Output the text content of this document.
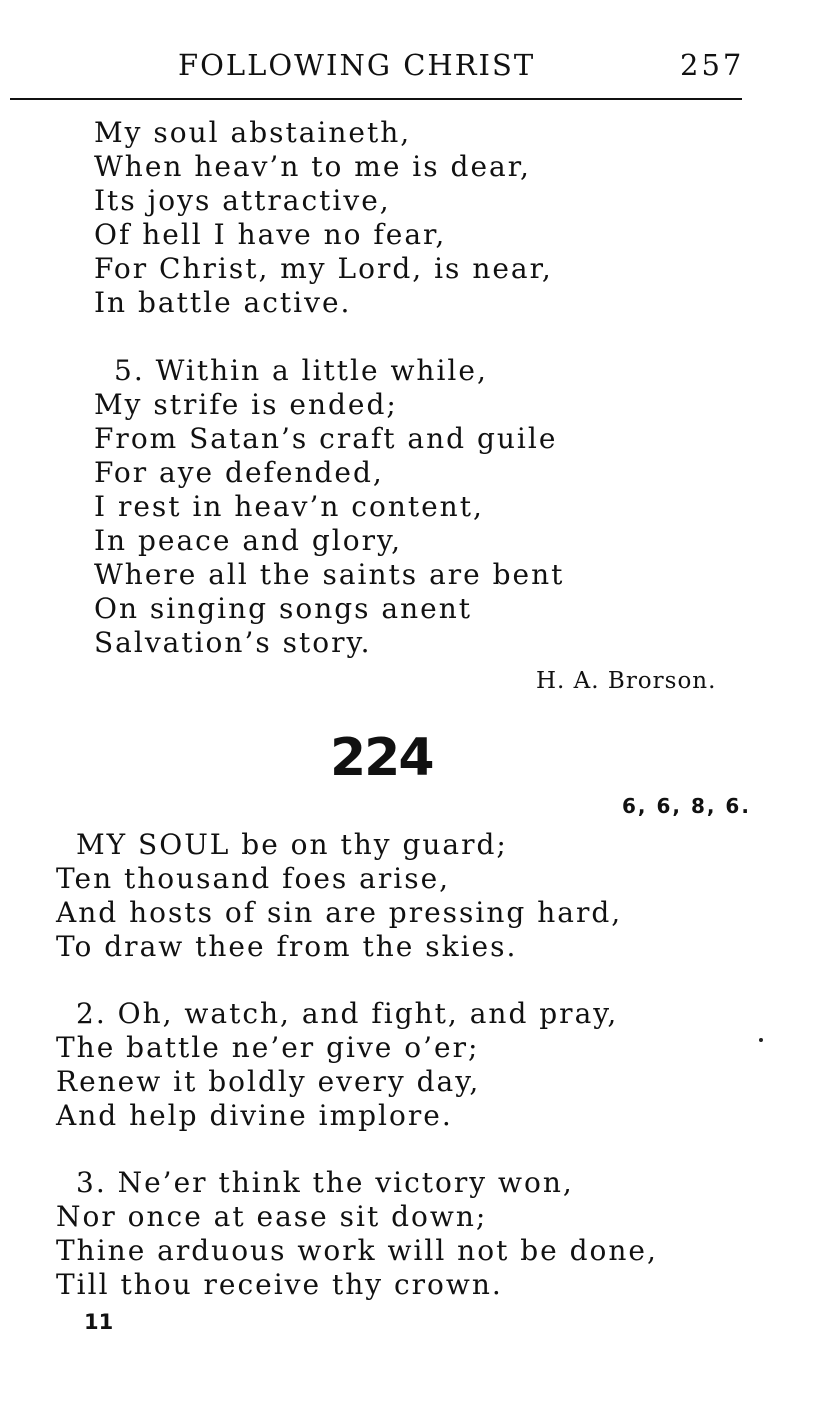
FOLLOWING CHRIST	257
My soul abstaineth,
When heav’n to me is dear,
Its joys attractive,
Of hell I have no fear,
For Christ, my Lord, is near,
In battle active.
5. Within a little while,
My strife is ended;
From Satan’s craft and guile
For aye defended,
I rest in heav’n content,
In peace and glory,
Where all the saints are bent
On singing songs anent
Salvation’s story.
H. A. Brorson.
224
6, 6, 8, 6.
MY SOUL be on thy guard;
Ten thousand foes arise,
And hosts of sin are pressing hard,
To draw thee from the skies.
2. Oh, watch, and fight, and pray,
The battle ne’er give o’er;
Renew it boldly every day,
And help divine implore.
3. Ne’er think the victory won,
Nor once at ease sit down;
Thine arduous work will not be done,
Till thou receive thy crown.
11
